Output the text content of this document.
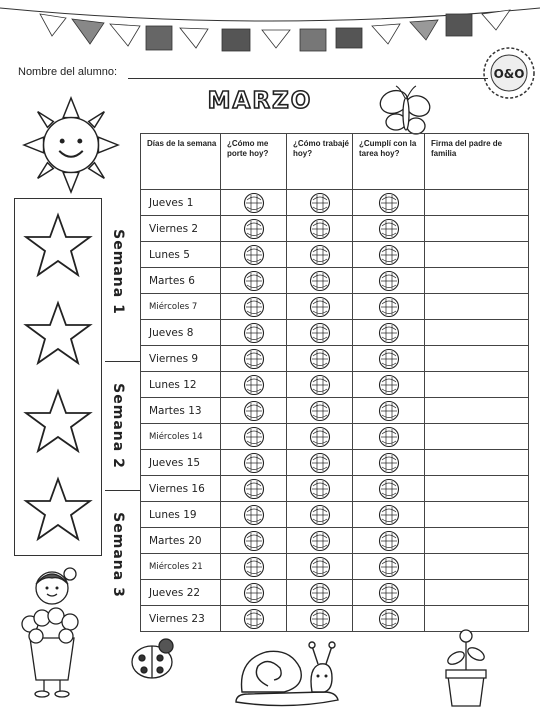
Nombre del alumno:	O&O
MARZO
Semana 1
Semana 2
Semana 3
Días de la semana	¿Cómo me porte hoy?	¿Cómo trabajé hoy?	¿Cumplí con la tarea hoy?	Firma del padre de familia
Jueves 1				
Viernes 2				
Lunes 5				
Martes 6				
Miércoles 7				
Jueves 8				
Viernes 9				
Lunes 12				
Martes 13				
Miércoles 14				
Jueves 15				
Viernes 16				
Lunes 19				
Martes 20				
Miércoles 21				
Jueves 22				
Viernes 23				
